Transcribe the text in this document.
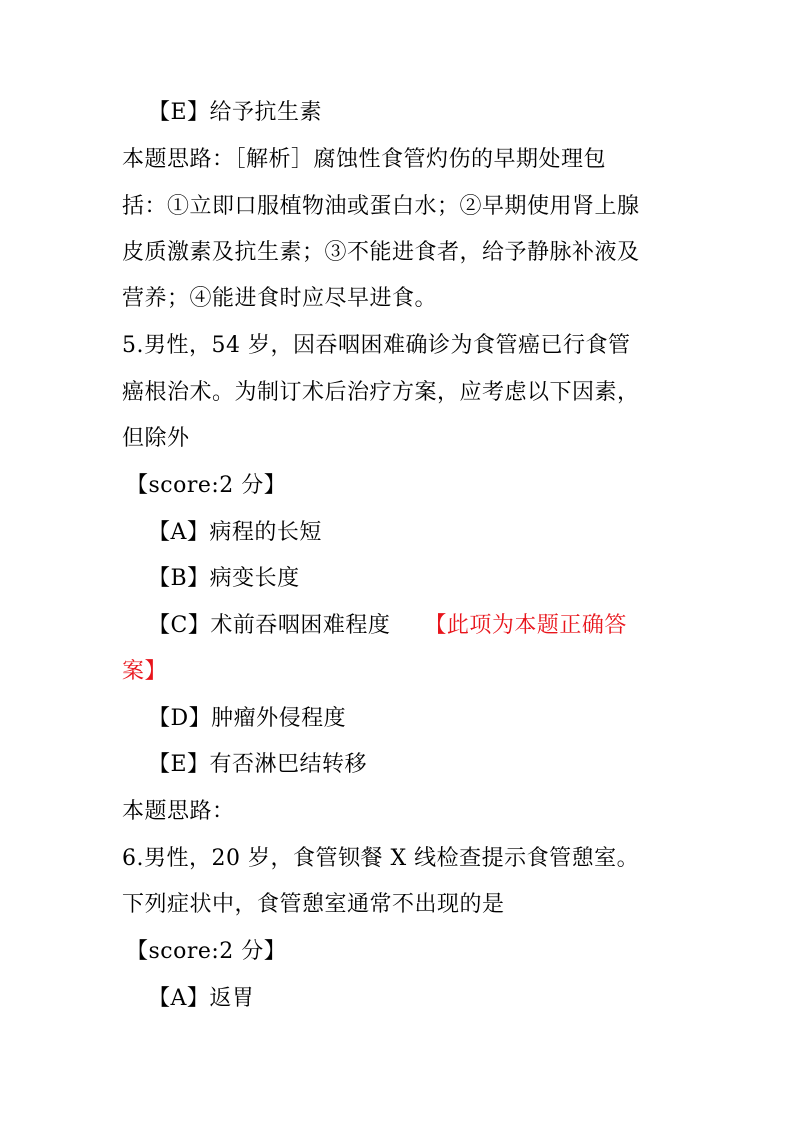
【E】给予抗生素
本题思路：［解析］腐蚀性食管灼伤的早期处理包
括：①立即口服植物油或蛋白水；②早期使用肾上腺
皮质激素及抗生素；③不能进食者，给予静脉补液及
营养；④能进食时应尽早进食。
5.男性，54 岁，因吞咽困难确诊为食管癌已行食管
癌根治术。为制订术后治疗方案，应考虑以下因素，
但除外
【score:2 分】
【A】病程的长短
【B】病变长度
【C】术前吞咽困难程度 【此项为本题正确答
案】
【D】肿瘤外侵程度
【E】有否淋巴结转移
本题思路：
6.男性，20 岁，食管钡餐 X 线检查提示食管憩室。
下列症状中，食管憩室通常不出现的是
【score:2 分】
【A】返胃
